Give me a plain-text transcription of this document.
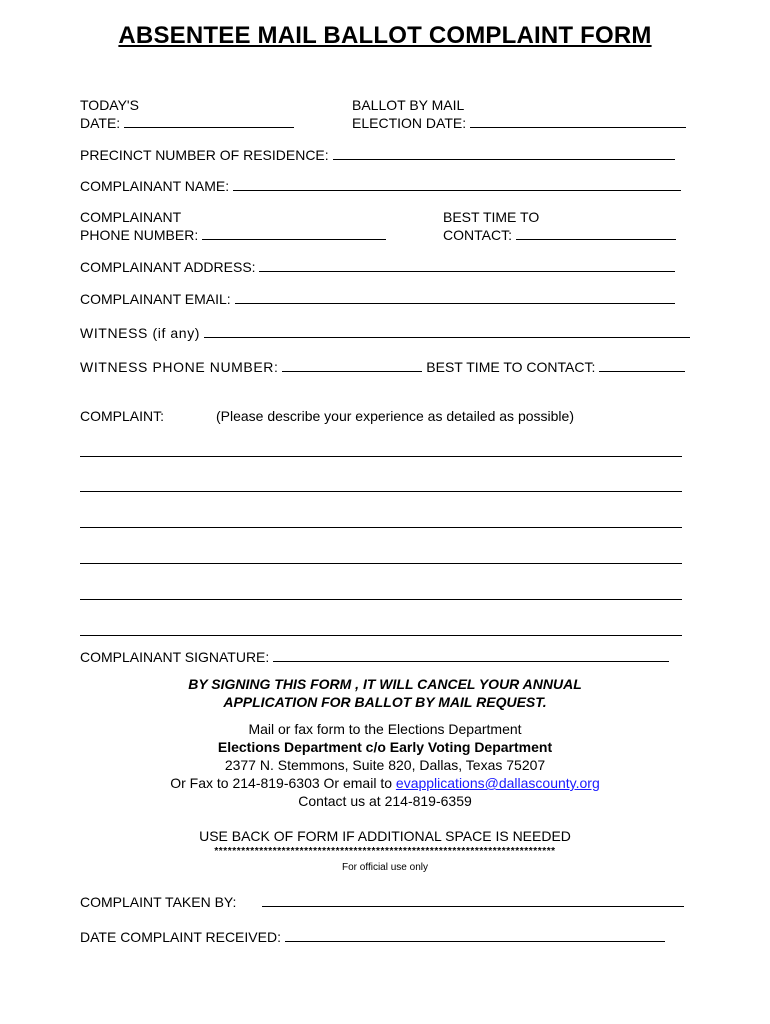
ABSENTEE MAIL BALLOT COMPLAINT FORM
TODAY'S
DATE:
BALLOT BY MAIL
ELECTION DATE:
PRECINCT NUMBER OF RESIDENCE:
COMPLAINANT NAME:
COMPLAINANT
PHONE NUMBER:
BEST TIME TO
CONTACT:
COMPLAINANT ADDRESS:
COMPLAINANT EMAIL:
WITNESS (if any)
WITNESS PHONE NUMBER:	BEST TIME TO CONTACT:
COMPLAINT:	(Please describe your experience as detailed as possible)
COMPLAINANT SIGNATURE:
BY SIGNING THIS FORM , IT WILL CANCEL YOUR ANNUAL
APPLICATION FOR BALLOT BY MAIL REQUEST.
Mail or fax form to the Elections Department
Elections Department c/o Early Voting Department
2377 N. Stemmons, Suite 820, Dallas, Texas 75207
Or Fax to 214-819-6303 Or email to evapplications@dallascounty.org
Contact us at 214-819-6359
USE BACK OF FORM IF ADDITIONAL SPACE IS NEEDED
****************************************************************************
For official use only
COMPLAINT TAKEN BY:
DATE COMPLAINT RECEIVED:
